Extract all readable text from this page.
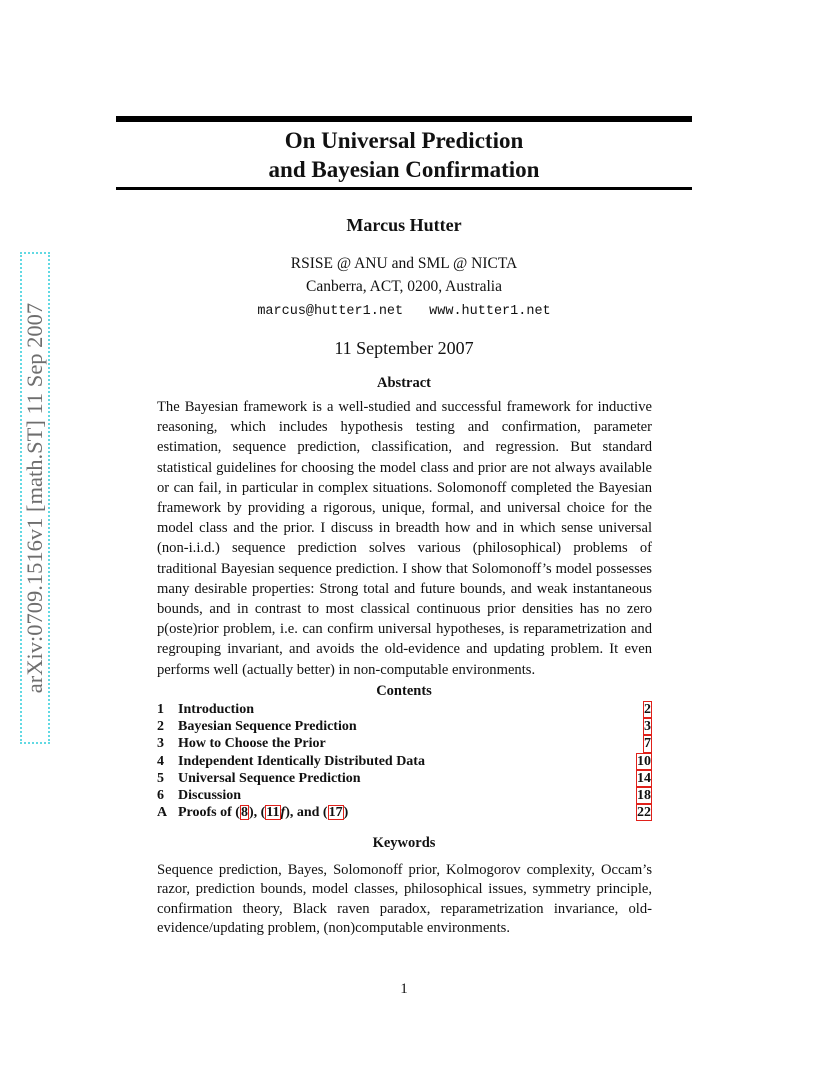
arXiv:0709.1516v1 [math.ST] 11 Sep 2007
On Universal Prediction
and Bayesian Confirmation
Marcus Hutter
RSISE @ ANU and SML @ NICTA
Canberra, ACT, 0200, Australia
marcus@hutter1.net www.hutter1.net
11 September 2007
Abstract

The Bayesian framework is a well-studied and successful framework for inductive reasoning, which includes hypothesis testing and confirmation, parameter estimation, sequence prediction, classification, and regression. But standard statistical guidelines for choosing the model class and prior are not always available or can fail, in particular in complex situations. Solomonoff completed the Bayesian framework by providing a rigorous, unique, formal, and universal choice for the model class and the prior. I discuss in breadth how and in which sense universal (non-i.i.d.) sequence prediction solves various (philosophical) problems of traditional Bayesian sequence prediction. I show that Solomonoff’s model possesses many desirable properties: Strong total and future bounds, and weak instantaneous bounds, and in contrast to most classical continuous prior densities has no zero p(oste)rior problem, i.e. can confirm universal hypotheses, is reparametrization and regrouping invariant, and avoids the old-evidence and updating problem. It even performs well (actually better) in non-computable environments.

Contents
1 Introduction	2
2 Bayesian Sequence Prediction	3
3 How to Choose the Prior	7
4 Independent Identically Distributed Data	10
5 Universal Sequence Prediction	14
6 Discussion	18
A Proofs of (8), (11f), and (17)	22
Keywords

Sequence prediction, Bayes, Solomonoff prior, Kolmogorov complexity, Occam’s razor, prediction bounds, model classes, philosophical issues, symmetry principle, confirmation theory, Black raven paradox, reparametrization invariance, old-evidence/updating problem, (non)computable environments.

1
